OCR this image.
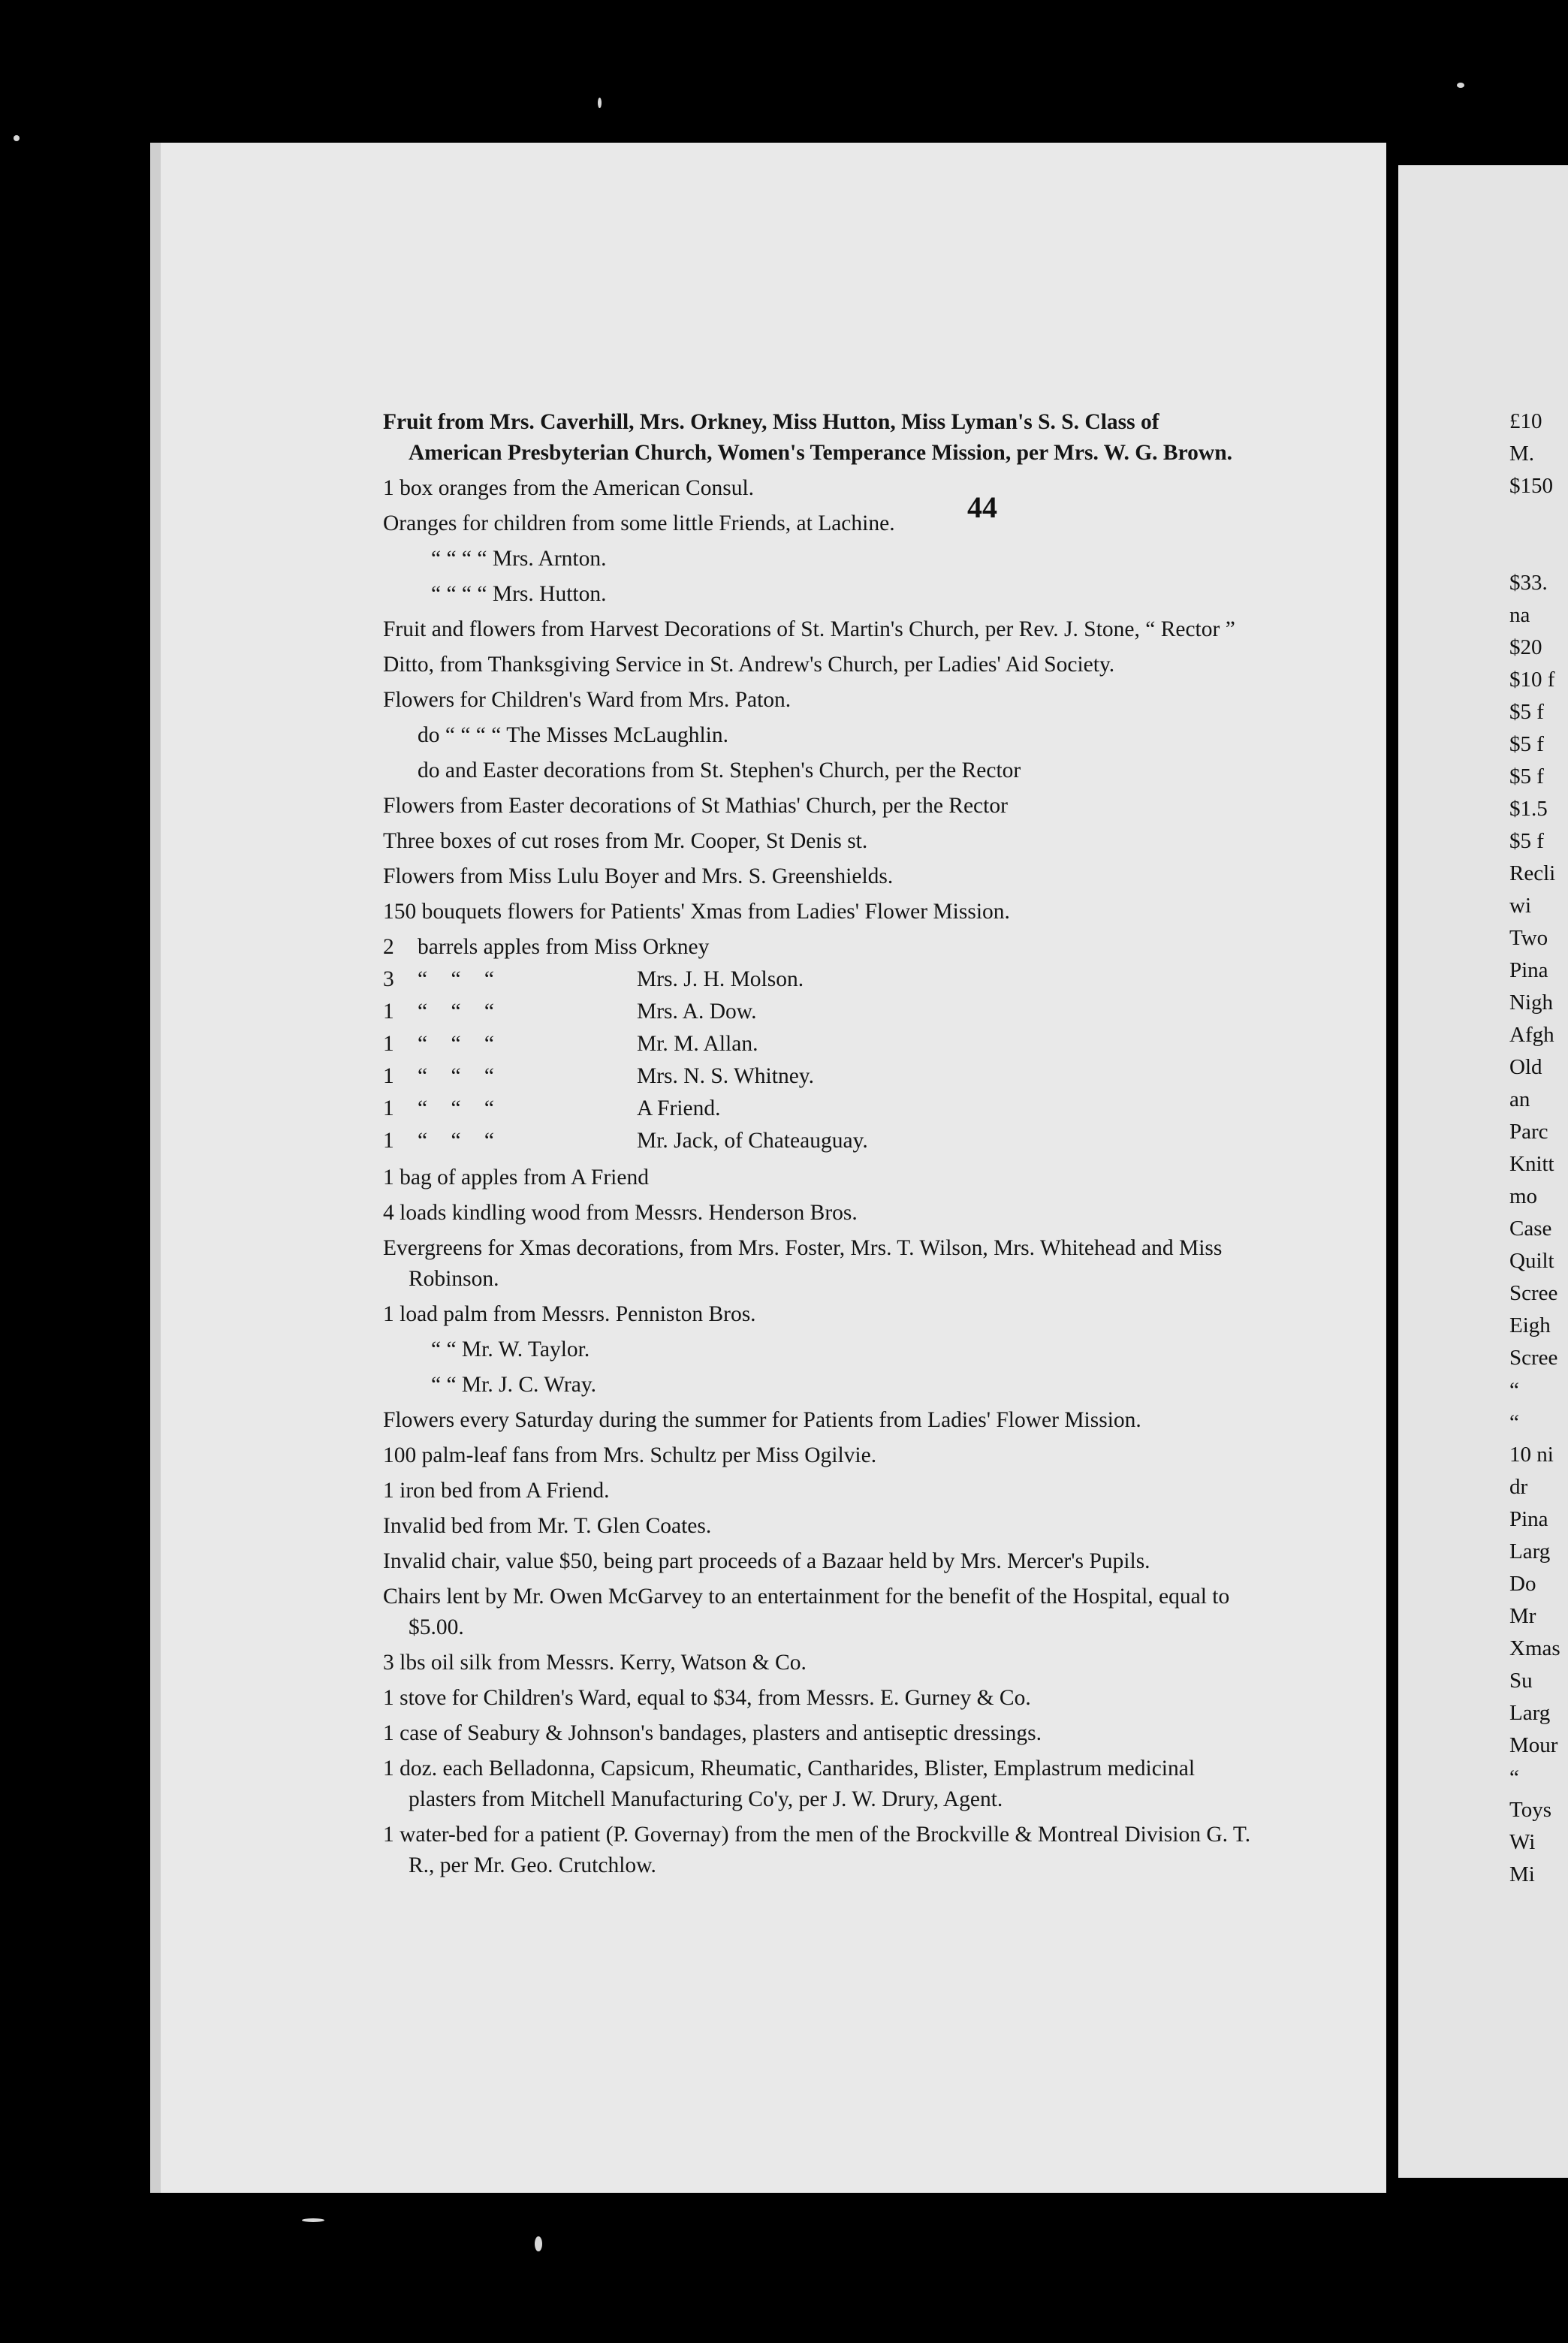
44
Fruit from Mrs. Caverhill, Mrs. Orkney, Miss Hutton, Miss Lyman's S. S. Class of American Presbyterian Church, Women's Temperance Mission, per Mrs. W. G. Brown.
1 box oranges from the American Consul.
Oranges for children from some little Friends, at Lachine.
“ “ “ “ Mrs. Arnton.
“ “ “ “ Mrs. Hutton.
Fruit and flowers from Harvest Decorations of St. Martin's Church, per Rev. J. Stone, “ Rector ”
Ditto, from Thanksgiving Service in St. Andrew's Church, per Ladies' Aid Society.
Flowers for Children's Ward from Mrs. Paton.
do “ “ “ “ The Misses McLaughlin.
do and Easter decorations from St. Stephen's Church, per the Rector
Flowers from Easter decorations of St Mathias' Church, per the Rector
Three boxes of cut roses from Mr. Cooper, St Denis st.
Flowers from Miss Lulu Boyer and Mrs. S. Greenshields.
150 bouquets flowers for Patients' Xmas from Ladies' Flower Mission.
2	barrels apples from Miss Orkney
3	“ “ “	Mrs. J. H. Molson.
1	“ “ “	Mrs. A. Dow.
1	“ “ “	Mr. M. Allan.
1	“ “ “	Mrs. N. S. Whitney.
1	“ “ “	A Friend.
1	“ “ “	Mr. Jack, of Chateauguay.
1 bag of apples from A Friend
4 loads kindling wood from Messrs. Henderson Bros.
Evergreens for Xmas decorations, from Mrs. Foster, Mrs. T. Wilson, Mrs. Whitehead and Miss Robinson.
1 load palm from Messrs. Penniston Bros.
“ “ Mr. W. Taylor.
“ “ Mr. J. C. Wray.
Flowers every Saturday during the summer for Patients from Ladies' Flower Mission.
100 palm-leaf fans from Mrs. Schultz per Miss Ogilvie.
1 iron bed from A Friend.
Invalid bed from Mr. T. Glen Coates.
Invalid chair, value $50, being part proceeds of a Bazaar held by Mrs. Mercer's Pupils.
Chairs lent by Mr. Owen McGarvey to an entertainment for the benefit of the Hospital, equal to $5.00.
3 lbs oil silk from Messrs. Kerry, Watson & Co.
1 stove for Children's Ward, equal to $34, from Messrs. E. Gurney & Co.
1 case of Seabury & Johnson's bandages, plasters and antiseptic dressings.
1 doz. each Belladonna, Capsicum, Rheumatic, Cantharides, Blister, Emplastrum medicinal plasters from Mitchell Manufacturing Co'y, per J. W. Drury, Agent.
1 water-bed for a patient (P. Governay) from the men of the Brockville & Montreal Division G. T. R., per Mr. Geo. Crutchlow.
£10
M.
$150
$33.
na
$20
$10 f
$5 f
$5 f
$5 f
$1.5
$5 f
Recli
wi
Two
Pina
Nigh
Afgh
Old
an
Parc
Knitt
mo
Case
Quilt
Scree
Eigh
Scree
“
“
10 ni
dr
Pina
Larg
Do
Mr
Xmas
Su
Larg
Mour
“
Toys
Wi
Mi
